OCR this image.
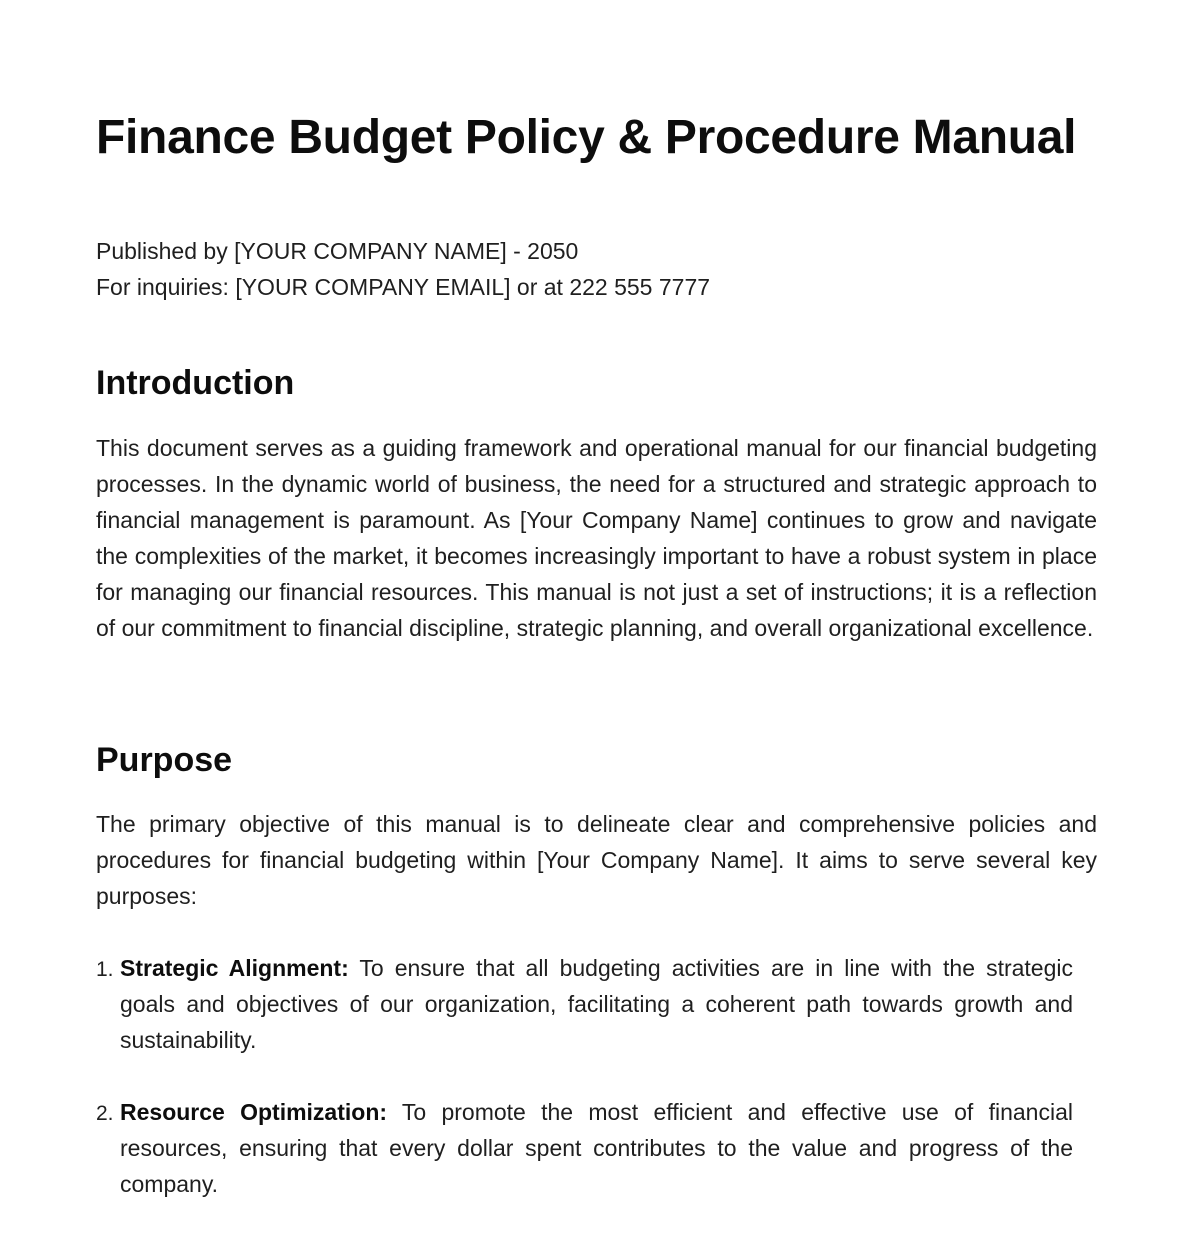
Finance Budget Policy & Procedure Manual
Published by [YOUR COMPANY NAME] - 2050
For inquiries: [YOUR COMPANY EMAIL] or at 222 555 7777
Introduction

This document serves as a guiding framework and operational manual for our financial budgeting processes. In the dynamic world of business, the need for a structured and strategic approach to financial management is paramount. As [Your Company Name] continues to grow and navigate the complexities of the market, it becomes increasingly important to have a robust system in place for managing our financial resources. This manual is not just a set of instructions; it is a reflection of our commitment to financial discipline, strategic planning, and overall organizational excellence.

Purpose

The primary objective of this manual is to delineate clear and comprehensive policies and procedures for financial budgeting within [Your Company Name]. It aims to serve several key purposes:

1. Strategic Alignment: To ensure that all budgeting activities are in line with the strategic goals and objectives of our organization, facilitating a coherent path towards growth and sustainability.
2. Resource Optimization: To promote the most efficient and effective use of financial resources, ensuring that every dollar spent contributes to the value and progress of the company.
